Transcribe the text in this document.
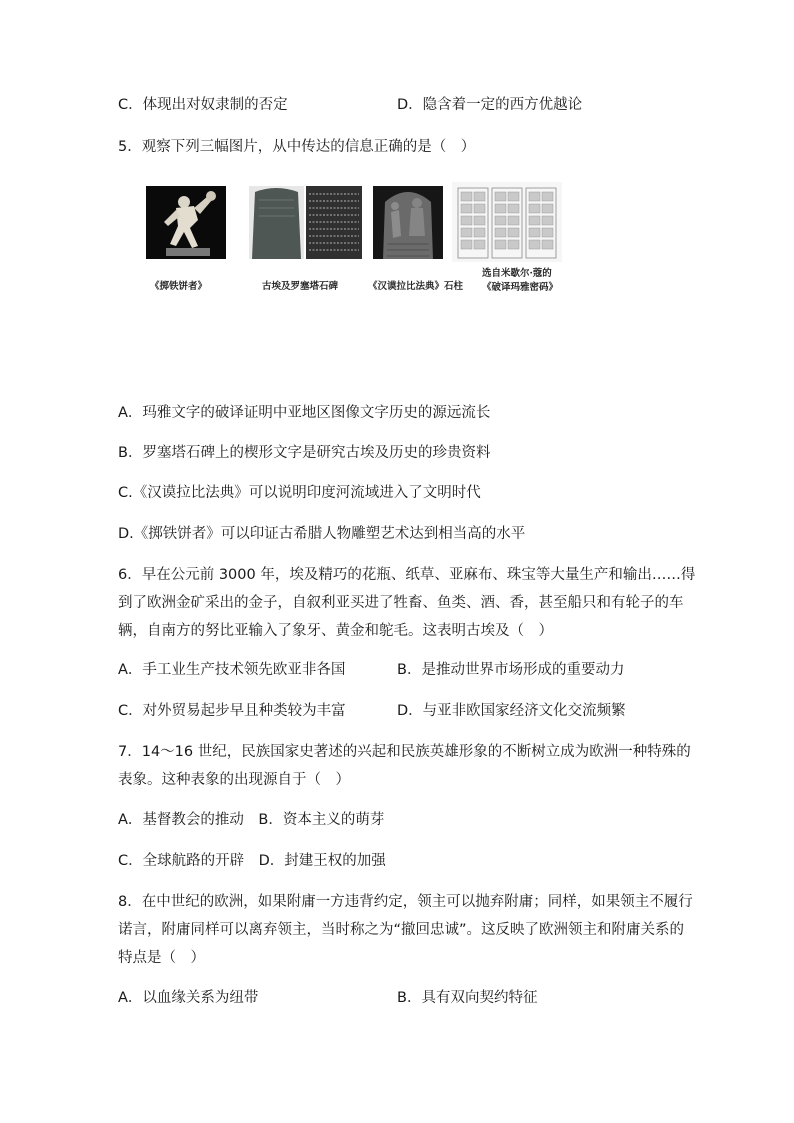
C．体现出对奴隶制的否定	D．隐含着一定的西方优越论
5．观察下列三幅图片，从中传达的信息正确的是（　）
《掷铁饼者》	古埃及罗塞塔石碑	《汉谟拉比法典》石柱
选自米歇尔·蔻的
《破译玛雅密码》
A．玛雅文字的破译证明中亚地区图像文字历史的源远流长
B．罗塞塔石碑上的楔形文字是研究古埃及历史的珍贵资料
C.《汉谟拉比法典》可以说明印度河流域进入了文明时代
D.《掷铁饼者》可以印证古希腊人物雕塑艺术达到相当高的水平
6．早在公元前 3000 年，埃及精巧的花瓶、纸草、亚麻布、珠宝等大量生产和输出……得
到了欧洲金矿采出的金子，自叙利亚买进了牲畜、鱼类、酒、香，甚至船只和有轮子的车
辆，自南方的努比亚输入了象牙、黄金和鸵毛。这表明古埃及（　）
A．手工业生产技术领先欧亚非各国	B．是推动世界市场形成的重要动力
C．对外贸易起步早且种类较为丰富	D．与亚非欧国家经济文化交流频繁
7．14～16 世纪，民族国家史著述的兴起和民族英雄形象的不断树立成为欧洲一种特殊的
表象。这种表象的出现源自于（　）
A．基督教会的推动　B．资本主义的萌芽
C．全球航路的开辟　D．封建王权的加强
8．在中世纪的欧洲，如果附庸一方违背约定，领主可以抛弃附庸；同样，如果领主不履行
诺言，附庸同样可以离弃领主，当时称之为“撤回忠诚”。这反映了欧洲领主和附庸关系的
特点是（　）
A．以血缘关系为纽带	B．具有双向契约特征
